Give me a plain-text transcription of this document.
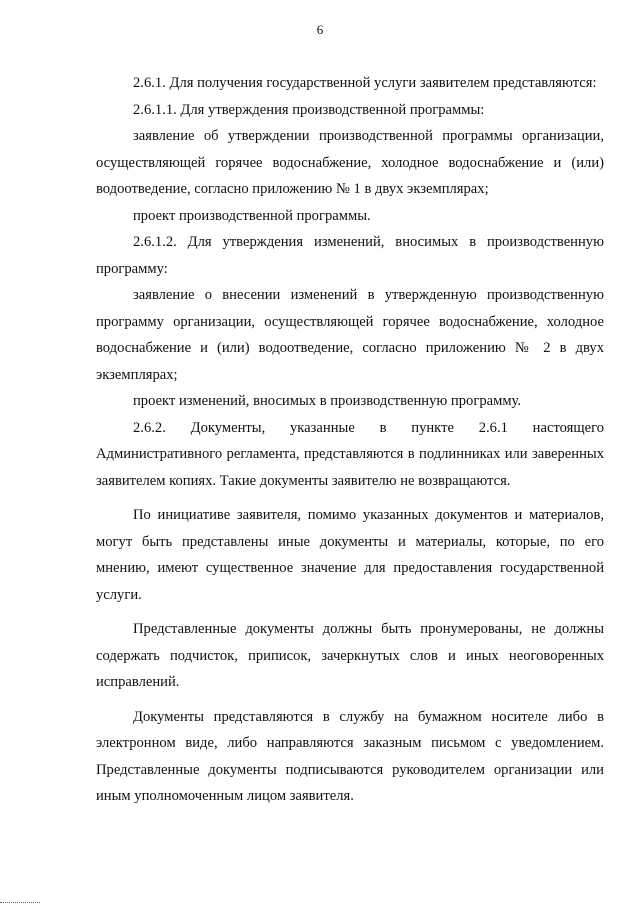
6

2.6.1. Для получения государственной услуги заявителем представляются:

2.6.1.1. Для утверждения производственной программы:

заявление об утверждении производственной программы организации, осуществляющей горячее водоснабжение, холодное водоснабжение и (или) водоотведение, согласно приложению № 1 в двух экземплярах;

проект производственной программы.

2.6.1.2. Для утверждения изменений, вносимых в производственную программу:

заявление о внесении изменений в утвержденную производственную программу организации, осуществляющей горячее водоснабжение, холодное водоснабжение и (или) водоотведение, согласно приложению № 2 в двух экземплярах;

проект изменений, вносимых в производственную программу.

2.6.2. Документы, указанные в пункте 2.6.1 настоящего Административного регламента, представляются в подлинниках или заверенных заявителем копиях. Такие документы заявителю не возвращаются.

По инициативе заявителя, помимо указанных документов и материалов, могут быть представлены иные документы и материалы, которые, по его мнению, имеют существенное значение для предоставления государственной услуги.

Представленные документы должны быть пронумерованы, не должны содержать подчисток, приписок, зачеркнутых слов и иных неоговоренных исправлений.

Документы представляются в службу на бумажном носителе либо в электронном виде, либо направляются заказным письмом с уведомлением. Представленные документы подписываются руководителем организации или иным уполномоченным лицом заявителя.
